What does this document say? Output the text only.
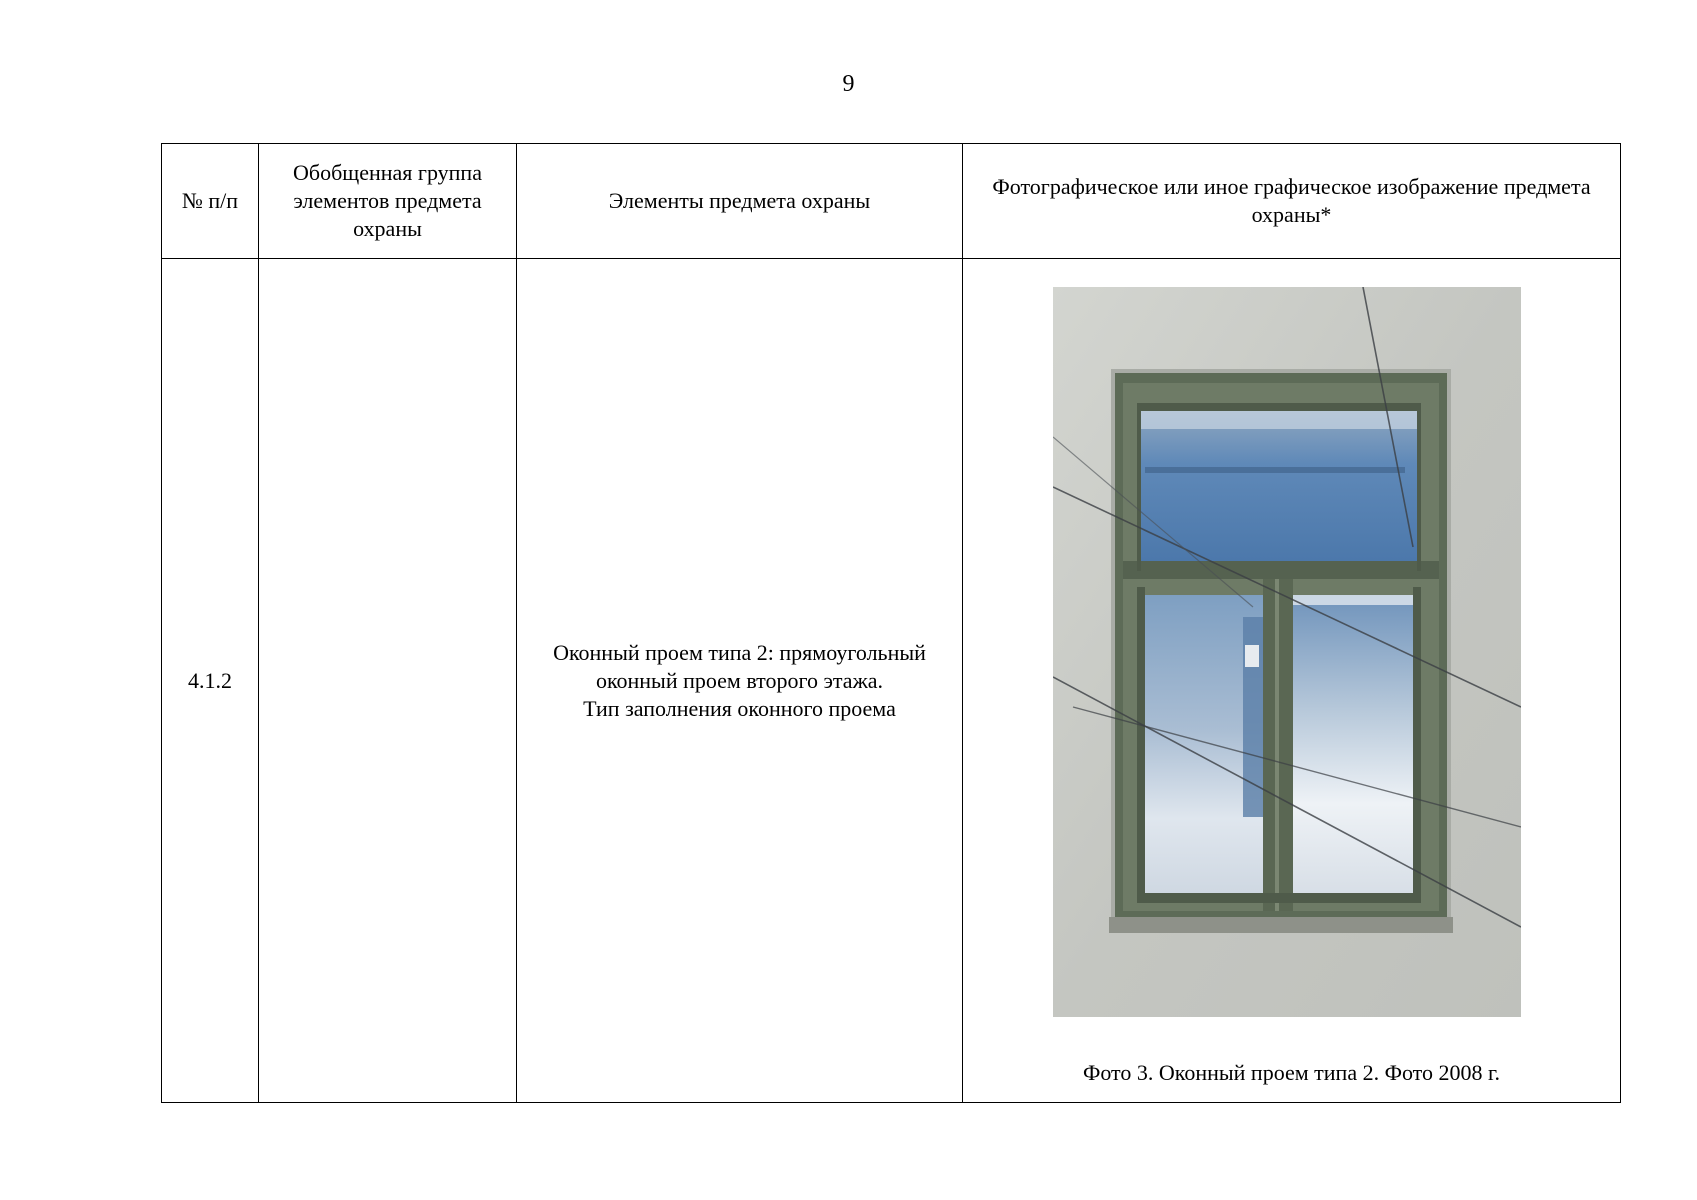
9
№ п/п	Обобщенная группа элементов предмета охраны	Элементы предмета охраны	Фотографическое или иное графическое изображение предмета охраны*
4.1.2		Оконный проем типа 2: прямоугольный
оконный проем второго этажа.
Тип заполнения оконного проема	Фото 3. Оконный проем типа 2. Фото 2008 г.
